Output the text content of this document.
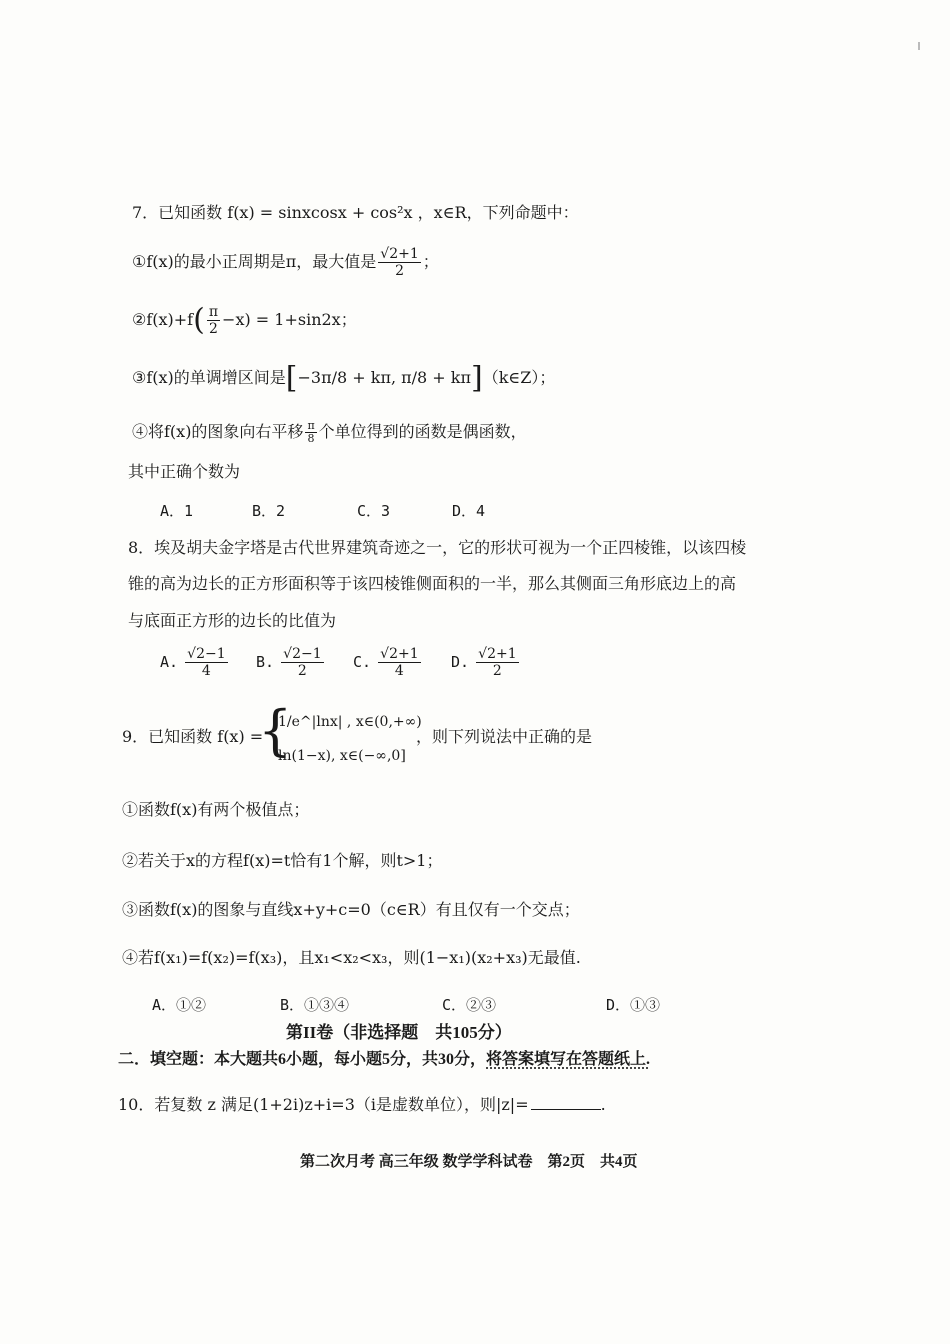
7．已知函数 f(x) = sinxcosx + cos²x ，x∈R，下列命题中：
①f(x)的最小正周期是π，最大值是 $\frac{√2+1}{2}$ ；
②f(x)+f( $\frac{\pi}{2} -x) = 1+\sin 2x$；
③f(x)的单调增区间是[−3π/8 + kπ, π/8 + kπ]（k∈Z）；
④将f(x)的图象向右平移 $\frac{\pi}{8}$ 个单位得到的函数是偶函数，
其中正确个数为
A．1	B．2	C．3	D．4
8．埃及胡夫金字塔是古代世界建筑奇迹之一，它的形状可视为一个正四棱锥，以该四棱
锥的高为边长的正方形面积等于该四棱锥侧面积的一半，那么其侧面三角形底边上的高
与底面正方形的边长的比值为
A. $\frac{√2-1}{4} B$. $\frac{√2-1}{2} C$. $\frac{√2+1}{4} D$. $\frac{√2+1}{2}$
9．已知函数 f(x) =
{
1/e^|lnx| , x∈(0,+∞)
ln(1−x), x∈(−∞,0]
，则下列说法中正确的是
①函数f(x)有两个极值点；
②若关于x的方程f(x)=t恰有1个解，则t>1；
③函数f(x)的图象与直线x+y+c=0（c∈R）有且仅有一个交点；
④若f(x₁)=f(x₂)=f(x₃)，且x₁<x₂<x₃，则(1−x₁)(x₂+x₃)无最值.
A．①②	B．①③④	C．②③	D．①③
第II卷（非选择题　共105分）
二．填空题：本大题共6小题，每小题5分，共30分，将答案填写在答题纸上.
10．若复数 z 满足(1+2i)z+i=3（i是虚数单位），则|z|=	.
第二次月考 高三年级 数学学科试卷　第2页　共4页
